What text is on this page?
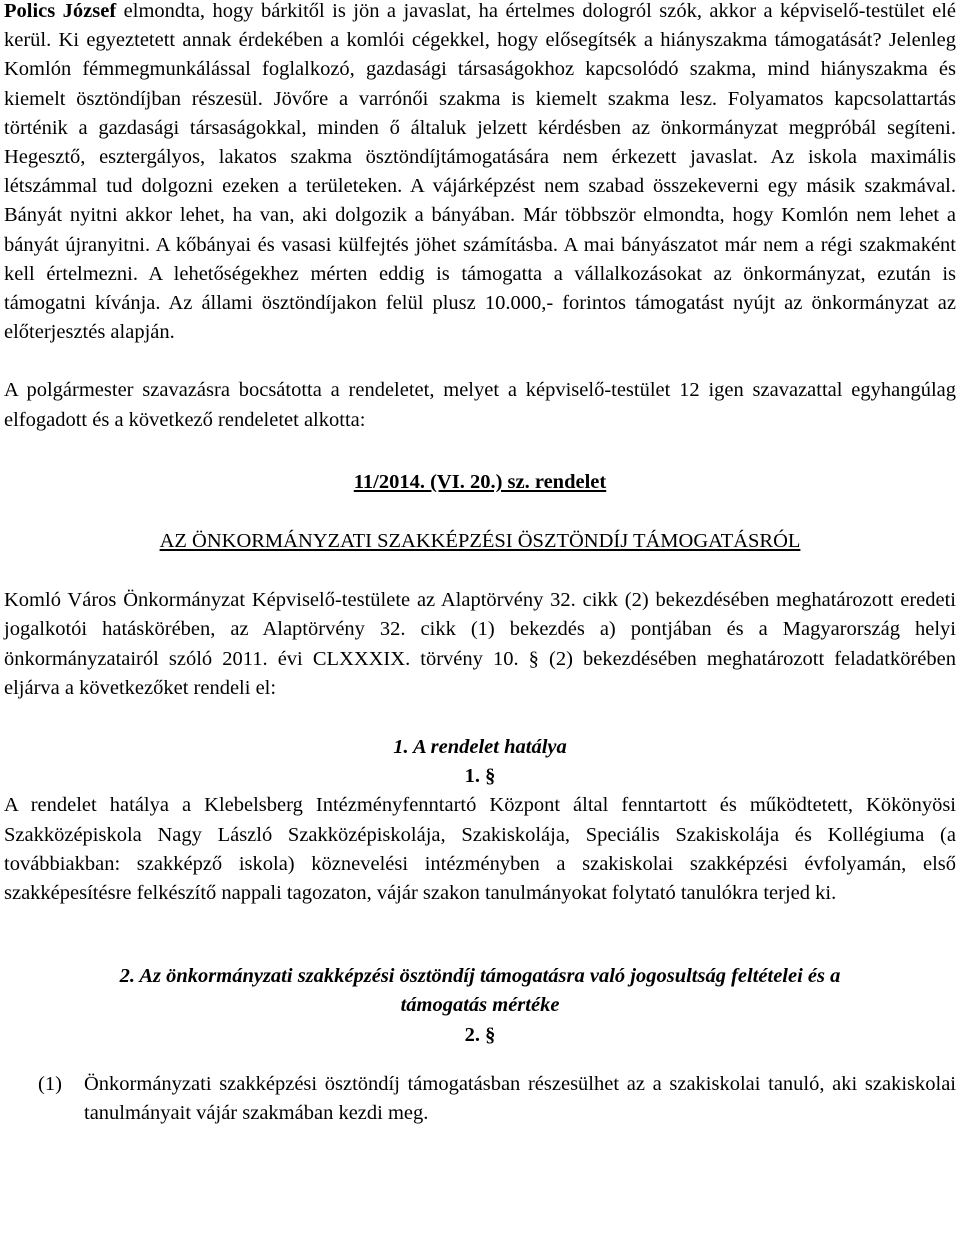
Polics József elmondta, hogy bárkitől is jön a javaslat, ha értelmes dologról szók, akkor a képviselő-testület elé kerül. Ki egyeztetett annak érdekében a komlói cégekkel, hogy elősegítsék a hiányszakma támogatását? Jelenleg Komlón fémmegmunkálással foglalkozó, gazdasági társaságokhoz kapcsolódó szakma, mind hiányszakma és kiemelt ösztöndíjban részesül. Jövőre a varrónői szakma is kiemelt szakma lesz. Folyamatos kapcsolattartás történik a gazdasági társaságokkal, minden ő általuk jelzett kérdésben az önkormányzat megpróbál segíteni. Hegesztő, esztergályos, lakatos szakma ösztöndíjtámogatására nem érkezett javaslat. Az iskola maximális létszámmal tud dolgozni ezeken a területeken. A vájárképzést nem szabad összekeverni egy másik szakmával. Bányát nyitni akkor lehet, ha van, aki dolgozik a bányában. Már többször elmondta, hogy Komlón nem lehet a bányát újranyitni. A kőbányai és vasasi külfejtés jöhet számításba. A mai bányászatot már nem a régi szakmaként kell értelmezni. A lehetőségekhez mérten eddig is támogatta a vállalkozásokat az önkormányzat, ezután is támogatni kívánja. Az állami ösztöndíjakon felül plusz 10.000,- forintos támogatást nyújt az önkormányzat az előterjesztés alapján.

A polgármester szavazásra bocsátotta a rendeletet, melyet a képviselő-testület 12 igen szavazattal egyhangúlag elfogadott és a következő rendeletet alkotta:

11/2014. (VI. 20.) sz. rendelet

AZ ÖNKORMÁNYZATI SZAKKÉPZÉSI ÖSZTÖNDÍJ TÁMOGATÁSRÓL

Komló Város Önkormányzat Képviselő-testülete az Alaptörvény 32. cikk (2) bekezdésében meghatározott eredeti jogalkotói hatáskörében, az Alaptörvény 32. cikk (1) bekezdés a) pontjában és a Magyarország helyi önkormányzatairól szóló 2011. évi CLXXXIX. törvény 10. § (2) bekezdésében meghatározott feladatkörében eljárva a következőket rendeli el:

1. A rendelet hatálya

1. §

A rendelet hatálya a Klebelsberg Intézményfenntartó Központ által fenntartott és működtetett, Kökönyösi Szakközépiskola Nagy László Szakközépiskolája, Szakiskolája, Speciális Szakiskolája és Kollégiuma (a továbbiakban: szakképző iskola) köznevelési intézményben a szakiskolai szakképzési évfolyamán, első szakképesítésre felkészítő nappali tagozaton, vájár szakon tanulmányokat folytató tanulókra terjed ki.

2. Az önkormányzati szakképzési ösztöndíj támogatásra való jogosultság feltételei és a

támogatás mértéke

2. §

(1)	Önkormányzati szakképzési ösztöndíj támogatásban részesülhet az a szakiskolai tanuló, aki szakiskolai tanulmányait vájár szakmában kezdi meg.
